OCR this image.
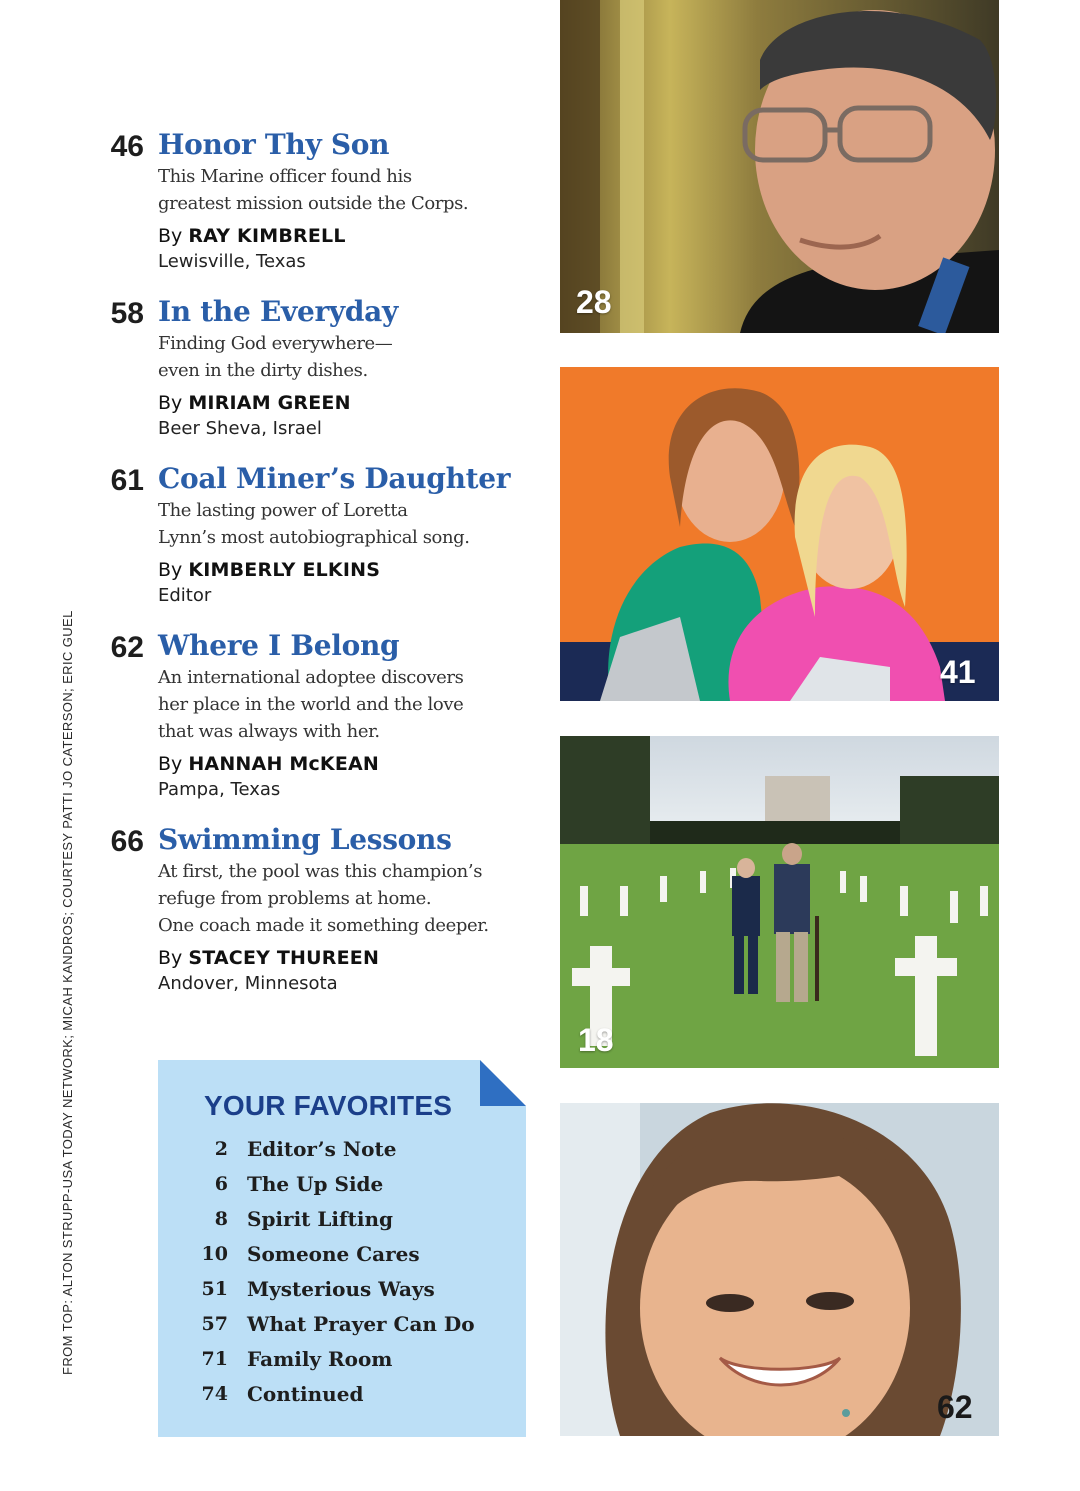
FROM TOP: ALTON STRUPP-USA TODAY NETWORK; MICAH KANDROS; COURTESY PATTI JO CATERSON; ERIC GUEL
46 Honor Thy Son
This Marine officer found his
greatest mission outside the Corps.
By RAY KIMBRELL
Lewisville, Texas
58 In the Everyday
Finding God everywhere—
even in the dirty dishes.
By MIRIAM GREEN
Beer Sheva, Israel
61 Coal Miner’s Daughter
The lasting power of Loretta
Lynn’s most autobiographical song.
By KIMBERLY ELKINS
Editor
62 Where I Belong
An international adoptee discovers
her place in the world and the love
that was always with her.
By HANNAH McKEAN
Pampa, Texas
66 Swimming Lessons
At first, the pool was this champion’s
refuge from problems at home.
One coach made it something deeper.
By STACEY THUREEN
Andover, Minnesota
YOUR FAVORITES
2 Editor’s Note
6 The Up Side
8 Spirit Lifting
10 Someone Cares
51 Mysterious Ways
57 What Prayer Can Do
71 Family Room
74 Continued
28
41
18
62
